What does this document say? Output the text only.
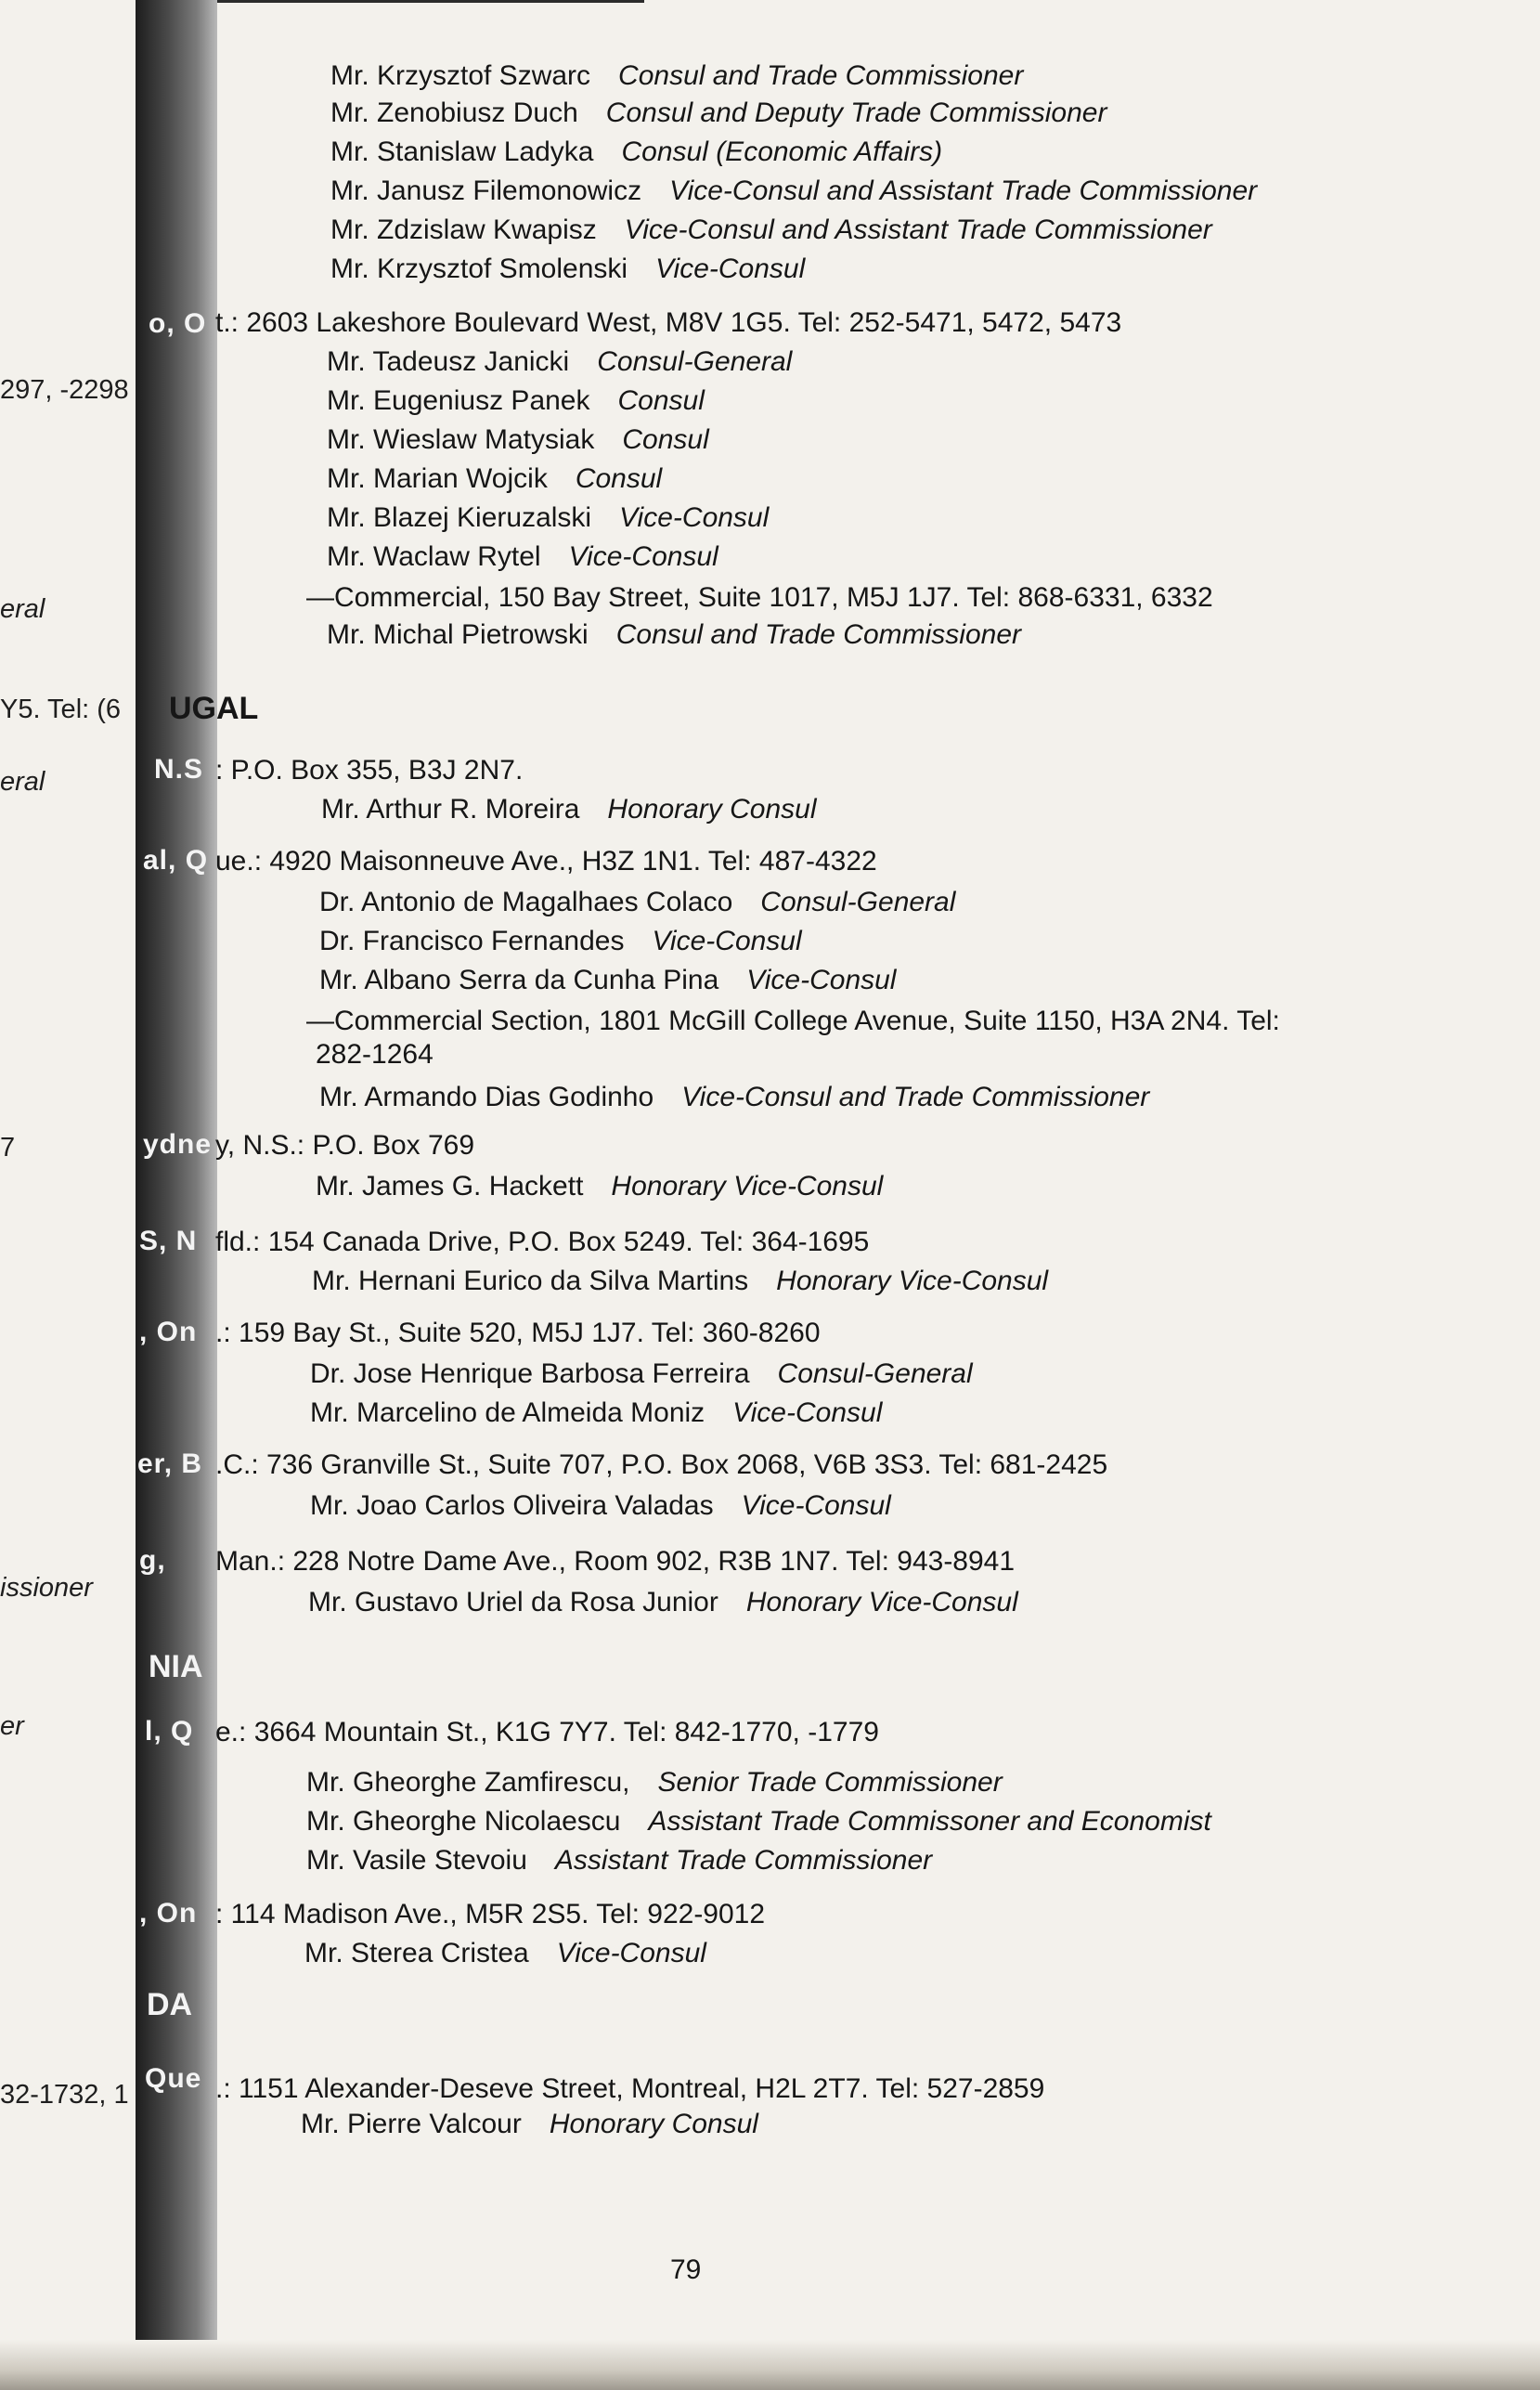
297, -2298
eral
Y5. Tel: (6
eral
7
issioner
er
32-1732, 1
Mr. Krzysztof Szwarc Consul and Trade Commissioner
Mr. Zenobiusz Duch Consul and Deputy Trade Commissioner
Mr. Stanislaw Ladyka Consul (Economic Affairs)
Mr. Janusz Filemonowicz Vice-Consul and Assistant Trade Commissioner
Mr. Zdzislaw Kwapisz Vice-Consul and Assistant Trade Commissioner
Mr. Krzysztof Smolenski Vice-Consul
o, O t.: 2603 Lakeshore Boulevard West, M8V 1G5. Tel: 252-5471, 5472, 5473
Mr. Tadeusz Janicki Consul-General
Mr. Eugeniusz Panek Consul
Mr. Wieslaw Matysiak Consul
Mr. Marian Wojcik Consul
Mr. Blazej Kieruzalski Vice-Consul
Mr. Waclaw Rytel Vice-Consul
—Commercial, 150 Bay Street, Suite 1017, M5J 1J7. Tel: 868-6331, 6332
Mr. Michal Pietrowski Consul and Trade Commissioner
UGAL
N.S : P.O. Box 355, B3J 2N7.
Mr. Arthur R. Moreira Honorary Consul
al, Q ue.: 4920 Maisonneuve Ave., H3Z 1N1. Tel: 487-4322
Dr. Antonio de Magalhaes Colaco Consul-General
Dr. Francisco Fernandes Vice-Consul
Mr. Albano Serra da Cunha Pina Vice-Consul
—Commercial Section, 1801 McGill College Avenue, Suite 1150, H3A 2N4. Tel:
282-1264
Mr. Armando Dias Godinho Vice-Consul and Trade Commissioner
ydne y, N.S.: P.O. Box 769
Mr. James G. Hackett Honorary Vice-Consul
S, N fld.: 154 Canada Drive, P.O. Box 5249. Tel: 364-1695
Mr. Hernani Eurico da Silva Martins Honorary Vice-Consul
, On .: 159 Bay St., Suite 520, M5J 1J7. Tel: 360-8260
Dr. Jose Henrique Barbosa Ferreira Consul-General
Mr. Marcelino de Almeida Moniz Vice-Consul
er, B .C.: 736 Granville St., Suite 707, P.O. Box 2068, V6B 3S3. Tel: 681-2425
Mr. Joao Carlos Oliveira Valadas Vice-Consul
g, Man.: 228 Notre Dame Ave., Room 902, R3B 1N7. Tel: 943-8941
Mr. Gustavo Uriel da Rosa Junior Honorary Vice-Consul
NIA
l, Q e.: 3664 Mountain St., K1G 7Y7. Tel: 842-1770, -1779
Mr. Gheorghe Zamfirescu, Senior Trade Commissioner
Mr. Gheorghe Nicolaescu Assistant Trade Commissoner and Economist
Mr. Vasile Stevoiu Assistant Trade Commissioner
, On : 114 Madison Ave., M5R 2S5. Tel: 922-9012
Mr. Sterea Cristea Vice-Consul
DA
Que .: 1151 Alexander-Deseve Street, Montreal, H2L 2T7. Tel: 527-2859
Mr. Pierre Valcour Honorary Consul
79
